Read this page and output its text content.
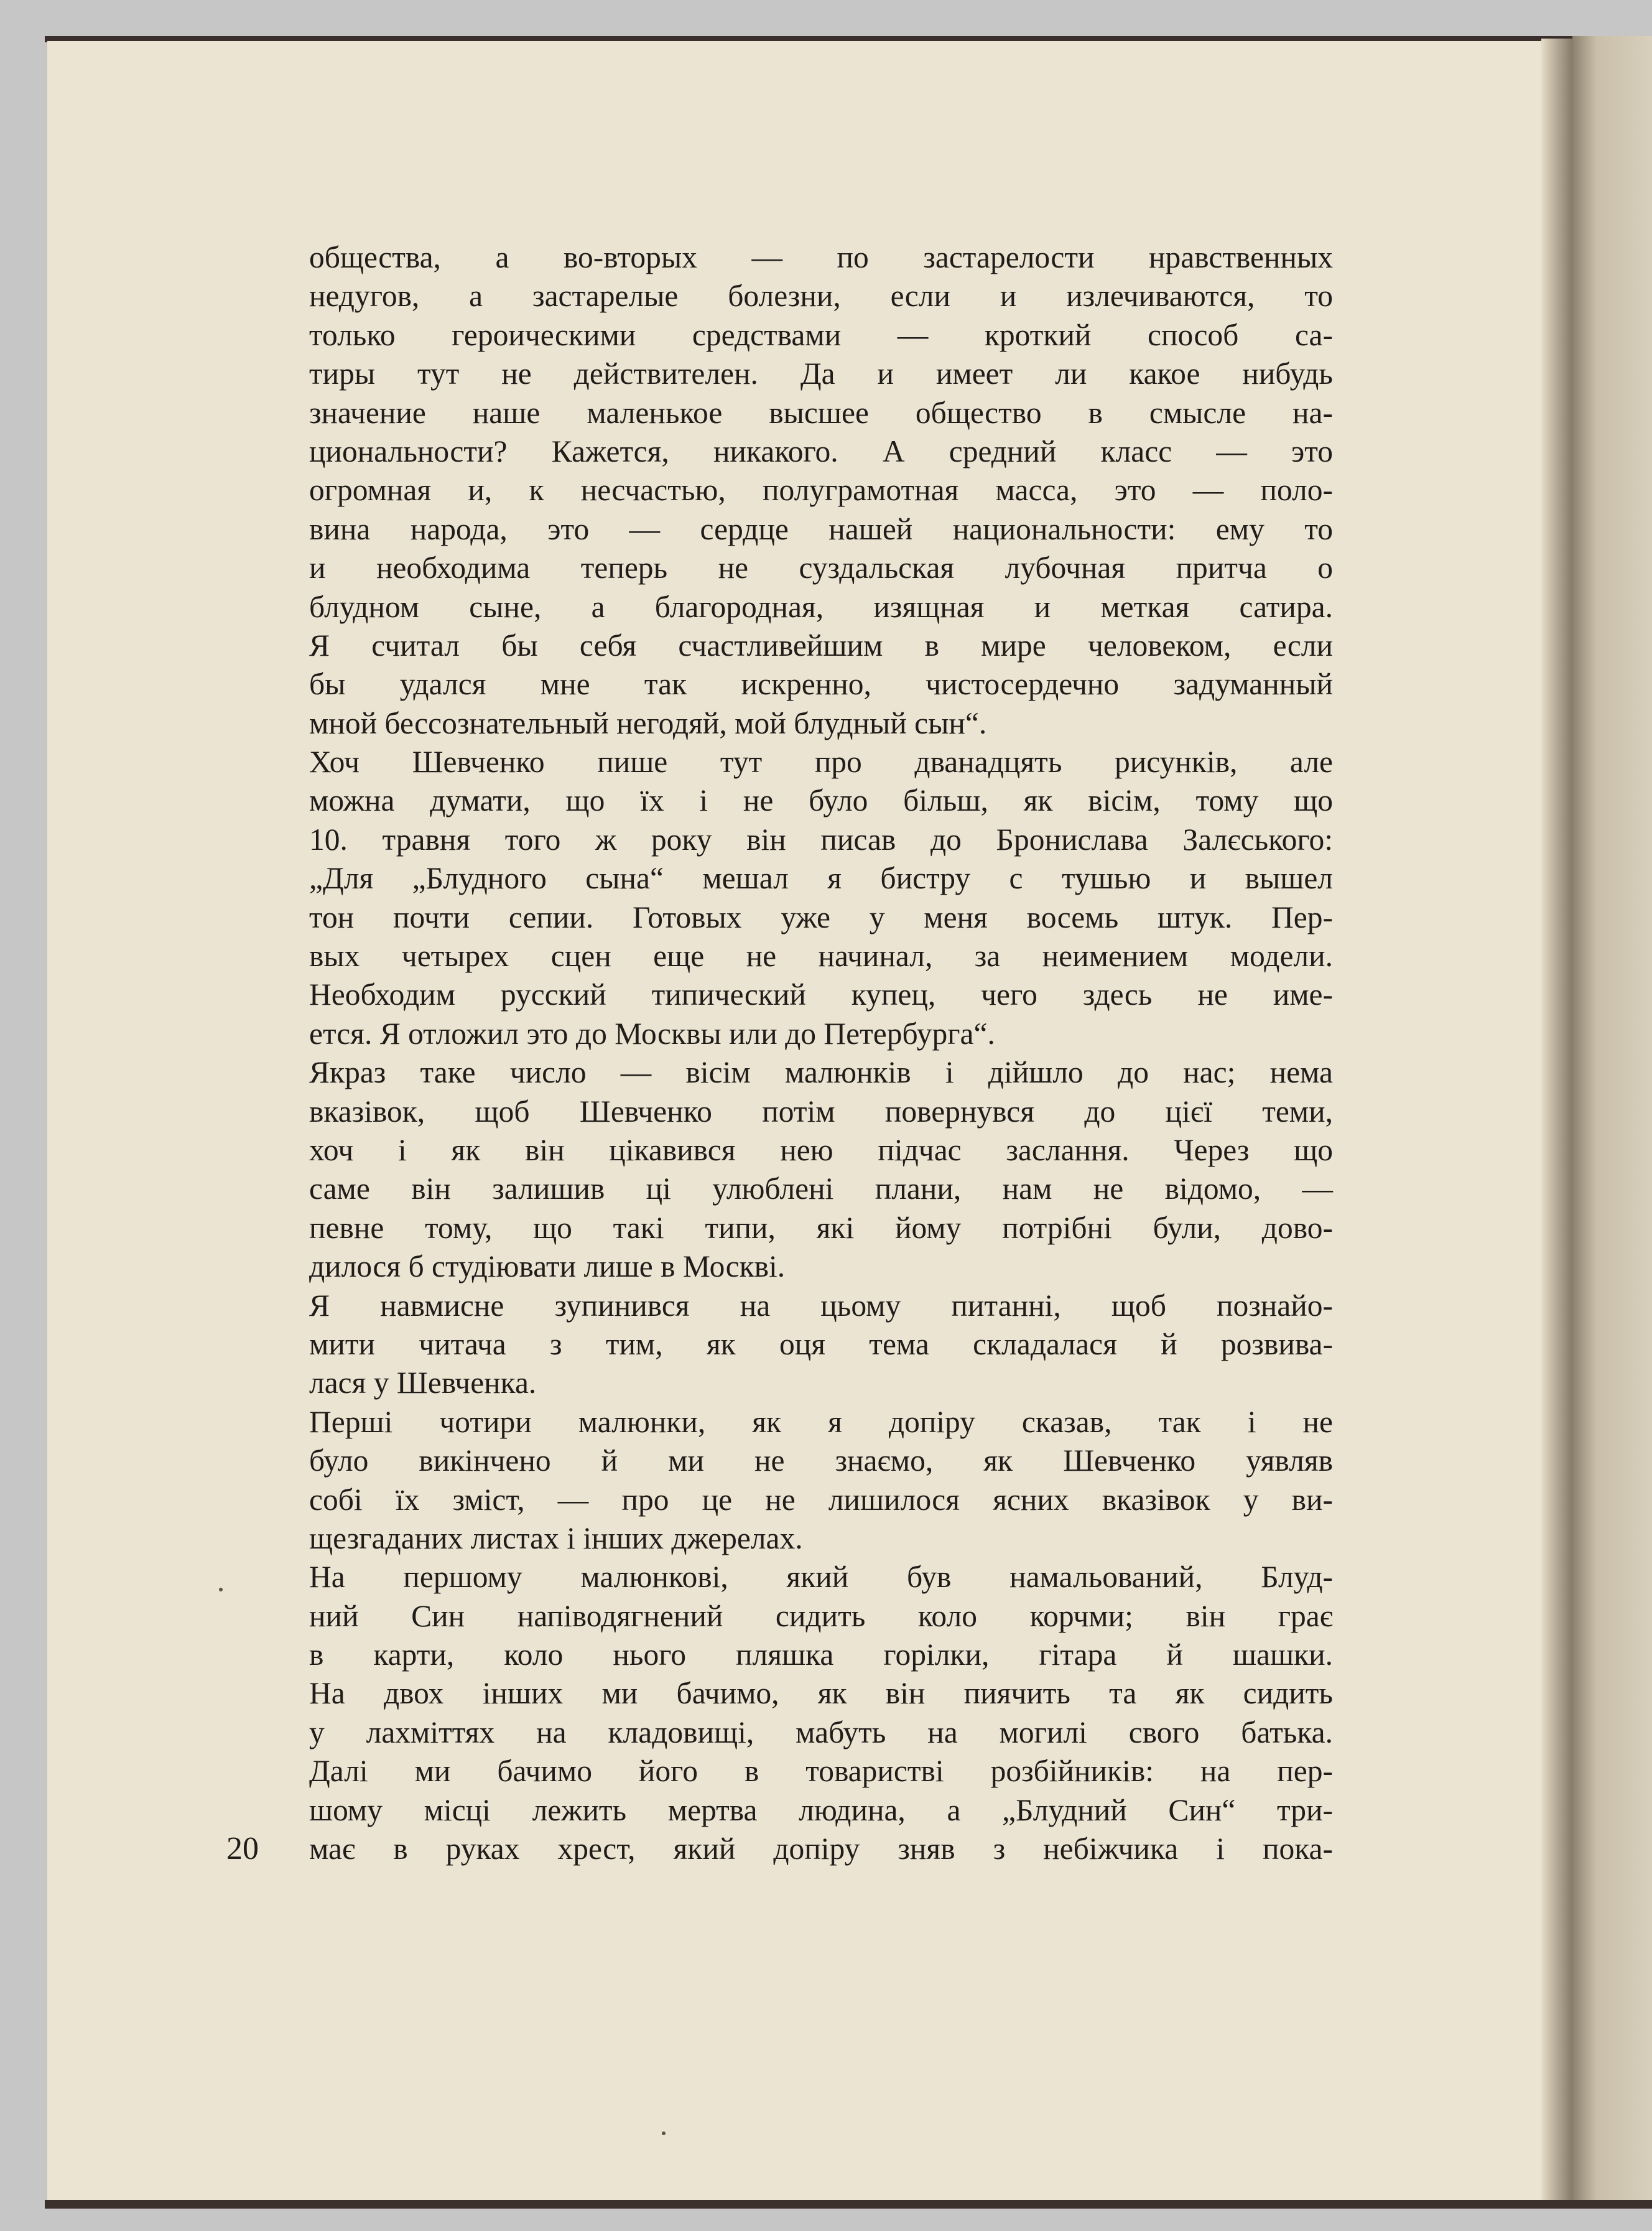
общества, а во-вторых — по застарелости нравственных
недугов, а застарелые болезни, если и излечиваются, то
только героическими средствами — кроткий способ са-
тиры тут не действителен. Да и имеет ли какое нибудь
значение наше маленькое высшее общество в смысле на-
циональности? Кажется, никакого. А средний класс — это
огромная и, к несчастью, полуграмотная масса, это — поло-
вина народа, это — сердце нашей национальности: ему то
и необходима теперь не суздальская лубочная притча о
блудном сыне, а благородная, изящная и меткая сатира.
Я считал бы себя счастливейшим в мире человеком, если
бы удался мне так искренно, чистосердечно задуманный
мной бессознательный негодяй, мой блудный сын“.
Хоч Шевченко пише тут про дванадцять рисунків, але
можна думати, що їх і не було більш, як вісім, тому що
10. травня того ж року він писав до Бронислава Залєського:
„Для „Блудного сына“ мешал я бистру с тушью и вышел
тон почти сепии. Готовых уже у меня восемь штук. Пер-
вых четырех сцен еще не начинал, за неимением модели.
Необходим русский типический купец, чего здесь не име-
ется. Я отложил это до Москвы или до Петербурга“.
Якраз таке число — вісім малюнків і дійшло до нас; нема
вказівок, щоб Шевченко потім повернувся до цієї теми,
хоч і як він цікавився нею підчас заслання. Через що
саме він залишив ці улюблені плани, нам не відомо, —
певне тому, що такі типи, які йому потрібні були, дово-
дилося б студіювати лише в Москві.
Я навмисне зупинився на цьому питанні, щоб познайо-
мити читача з тим, як оця тема складалася й розвива-
лася у Шевченка.
Перші чотири малюнки, як я допіру сказав, так і не
було викінчено й ми не знаємо, як Шевченко уявляв
собі їх зміст, — про це не лишилося ясних вказівок у ви-
щезгаданих листах і інших джерелах.
На першому малюнкові, який був намальований, Блуд-
ний Син напіводягнений сидить коло корчми; він грає
в карти, коло нього пляшка горілки, гітара й шашки.
На двох інших ми бачимо, як він пиячить та як сидить
у лахміттях на кладовищі, мабуть на могилі свого батька.
Далі ми бачимо його в товаристві розбійників: на пер-
шому місці лежить мертва людина, а „Блудний Син“ три-
має в руках хрест, який допіру зняв з небіжчика і пока-
20
